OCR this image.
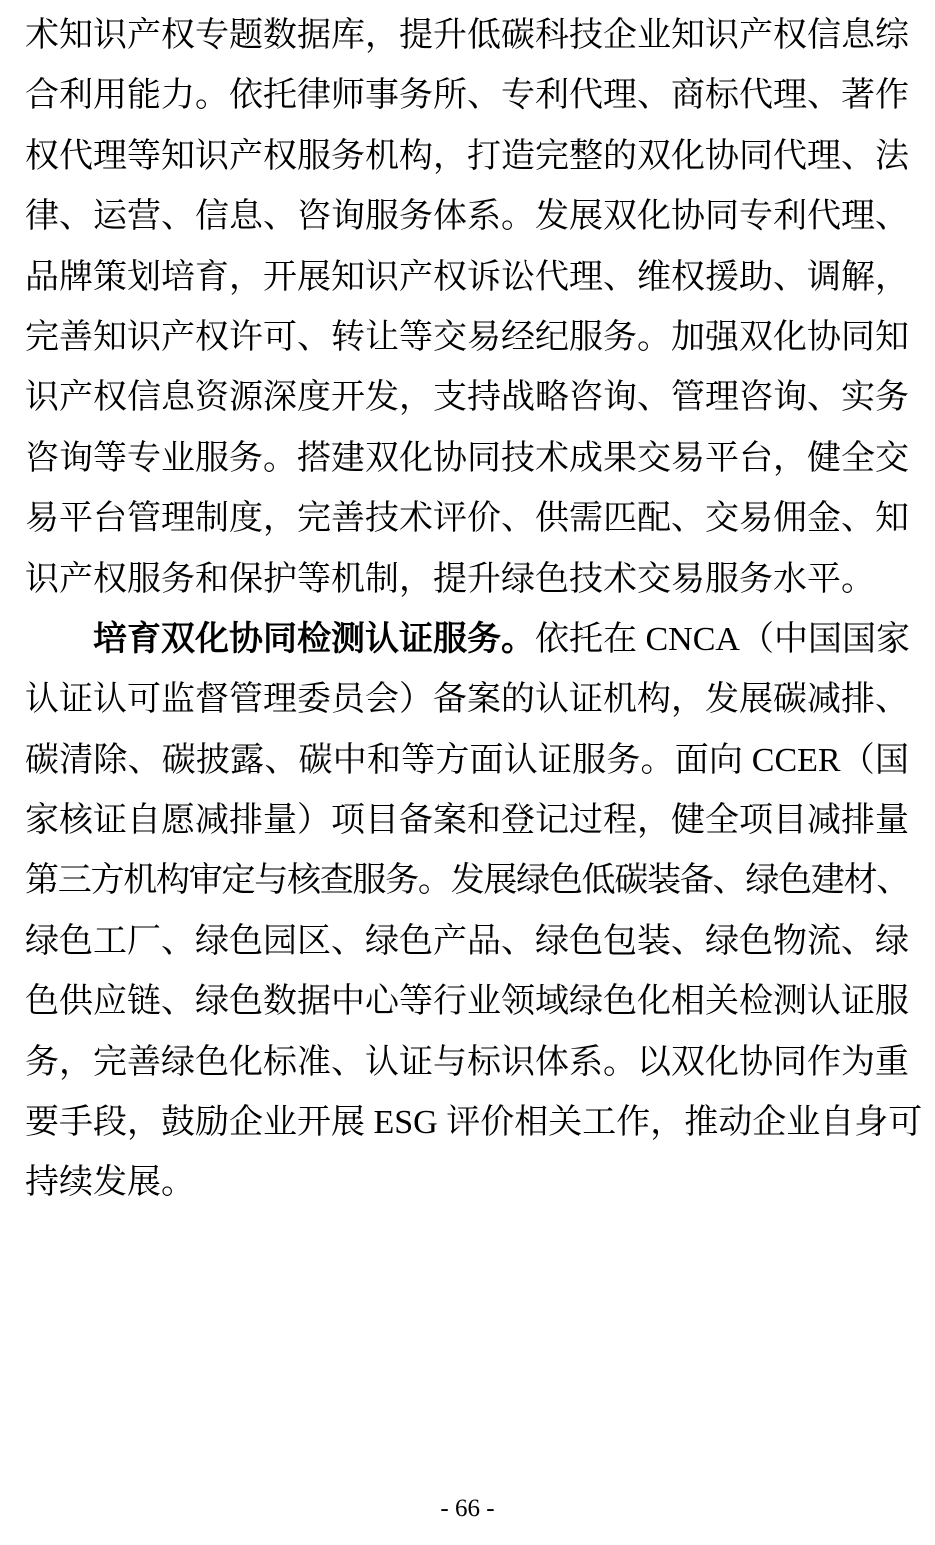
术知识产权专题数据库，提升低碳科技企业知识产权信息综
合利用能力。依托律师事务所、专利代理、商标代理、著作
权代理等知识产权服务机构，打造完整的双化协同代理、法
律、运营、信息、咨询服务体系。发展双化协同专利代理、
品牌策划培育，开展知识产权诉讼代理、维权援助、调解，
完善知识产权许可、转让等交易经纪服务。加强双化协同知
识产权信息资源深度开发，支持战略咨询、管理咨询、实务
咨询等专业服务。搭建双化协同技术成果交易平台，健全交
易平台管理制度，完善技术评价、供需匹配、交易佣金、知
识产权服务和保护等机制，提升绿色技术交易服务水平。
培育双化协同检测认证服务。依托在 CNCA（中国国家
认证认可监督管理委员会）备案的认证机构，发展碳减排、
碳清除、碳披露、碳中和等方面认证服务。面向 CCER（国
家核证自愿减排量）项目备案和登记过程，健全项目减排量
第三方机构审定与核查服务。发展绿色低碳装备、绿色建材、
绿色工厂、绿色园区、绿色产品、绿色包装、绿色物流、绿
色供应链、绿色数据中心等行业领域绿色化相关检测认证服
务，完善绿色化标准、认证与标识体系。以双化协同作为重
要手段，鼓励企业开展 ESG 评价相关工作，推动企业自身可
持续发展。
- 66 -
